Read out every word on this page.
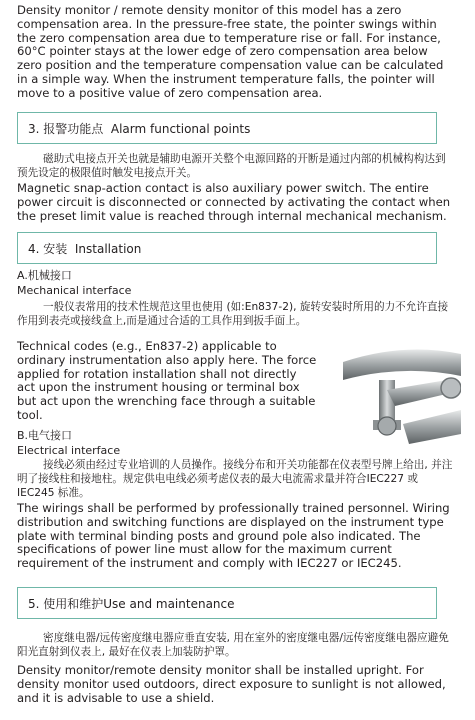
Density monitor / remote density monitor of this model has a zero compensation area. In the pressure-free state, the pointer swings within the zero compensation area due to temperature rise or fall. For instance, 60°C pointer stays at the lower edge of zero compensation area below zero position and the temperature compensation value can be calculated in a simple way. When the instrument temperature falls, the pointer will move to a positive value of zero compensation area.

3. 报警功能点  Alarm functional points

磁助式电接点开关也就是辅助电源开关整个电源回路的开断是通过内部的机械构构达到预先设定的极限值时触发电接点开关。

Magnetic snap-action contact is also auxiliary power switch. The entire power circuit is disconnected or connected by activating the contact when the preset limit value is reached through internal mechanical mechanism.

4. 安装  Installation

A.机械接口

Mechanical interface

一般仪表常用的技术性规范这里也使用 (如:En837-2), 旋转安装时所用的力不允许直接作用到表壳或接线盒上,而是通过合适的工具作用到扳手面上。

Technical codes (e.g., En837-2) applicable to ordinary instrumentation also apply here. The force applied for rotation installation shall not directly act upon the instrument housing or terminal box but act upon the wrenching face through a suitable tool.

B.电气接口

Electrical interface

接线必须由经过专业培训的人员操作。接线分布和开关功能都在仪表型号牌上给出, 并注明了接线柱和接地柱。规定供电电线必须考虑仪表的最大电流需求量并符合IEC227 或IEC245 标准。

The wirings shall be performed by professionally trained personnel. Wiring distribution and switching functions are displayed on the instrument type plate with terminal binding posts and ground pole also indicated. The specifications of power line must allow for the maximum current requirement of the instrument and comply with IEC227 or IEC245.

5. 使用和维护Use and maintenance

密度继电器/远传密度继电器应垂直安装, 用在室外的密度继电器/远传密度继电器应避免阳光直射到仪表上, 最好在仪表上加装防护罩。

Density monitor/remote density monitor shall be installed upright. For density monitor used outdoors, direct exposure to sunlight is not allowed, and it is advisable to use a shield.
